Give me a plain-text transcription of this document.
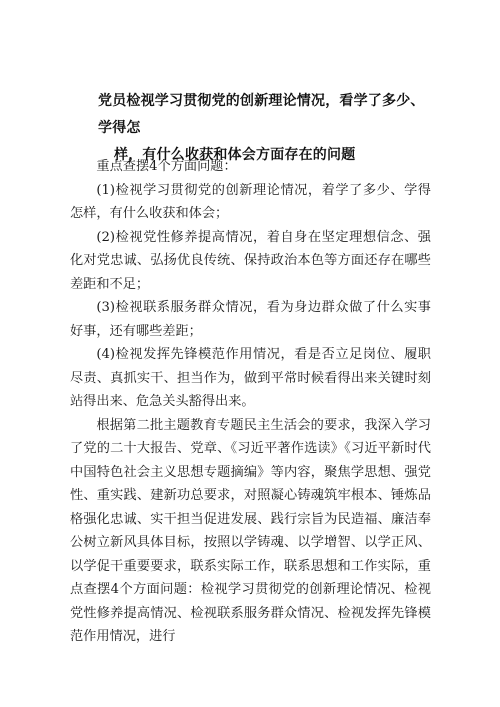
党员检视学习贯彻党的创新理论情况，看学了多少、学得怎
样，有什么收获和体会方面存在的问题

重点查摆4个方面问题：

(1)检视学习贯彻党的创新理论情况，着学了多少、学得怎样，有什么收获和体会；

(2)检视党性修养提高情况，着自身在坚定理想信念、强化对党忠诚、弘扬优良传统、保持政治本色等方面还存在哪些差距和不足；

(3)检视联系服务群众情况，看为身边群众做了什么实事好事，还有哪些差距；

(4)检视发挥先锋模范作用情况，看是否立足岗位、履职尽责、真抓实干、担当作为，做到平常时候看得出来关键时刻站得出来、危急关头豁得出来。

根据第二批主题教育专题民主生活会的要求，我深入学习了党的二十大报告、党章、《习近平著作选读》《习近平新时代中国特色社会主义思想专题摘编》等内容，聚焦学思想、强党性、重实践、建新功总要求，对照凝心铸魂筑牢根本、锤炼品格强化忠诚、实干担当促进发展、践行宗旨为民造福、廉洁奉公树立新风具体目标，按照以学铸魂、以学增智、以学正风、以学促干重要要求，联系实际工作，联系思想和工作实际，重点查摆4个方面问题：检视学习贯彻党的创新理论情况、检视党性修养提高情况、检视联系服务群众情况、检视发挥先锋模范作用情况，进行
